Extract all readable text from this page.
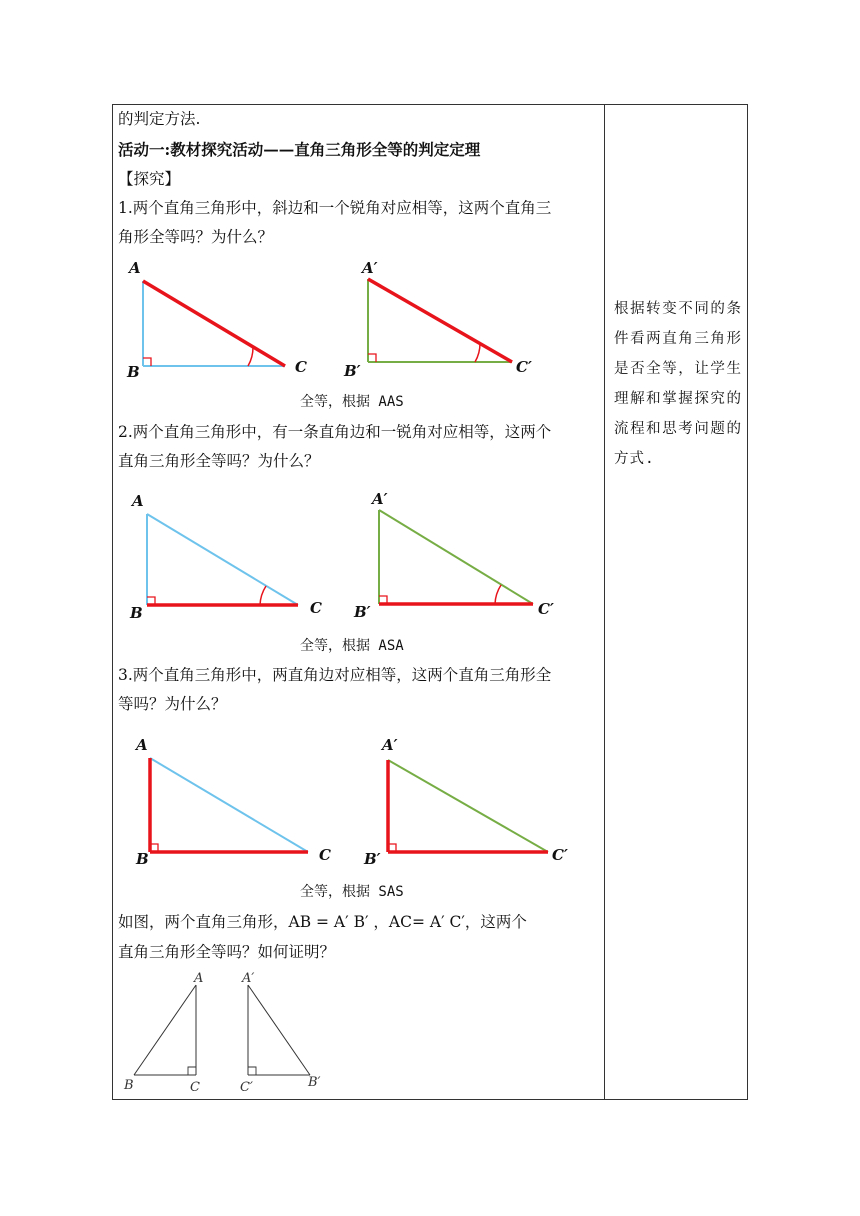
的判定方法.
活动一:教材探究活动——直角三角形全等的判定定理
【探究】
1.两个直角三角形中，斜边和一个锐角对应相等，这两个直角三
角形全等吗？为什么？
A
B	C
A′
B′	C′
全等，根据 AAS
2.两个直角三角形中，有一条直角边和一锐角对应相等，这两个
直角三角形全等吗？为什么？
A
B	C
A′
B′	C′
全等，根据 ASA
3.两个直角三角形中，两直角边对应相等，这两个直角三角形全
等吗？为什么？
A
B	C
A′
B′	C′
全等，根据 SAS
如图，两个直角三角形，AB = A′ B′ ，AC= A′ C′，这两个
直角三角形全等吗？如何证明？
A
B	C
A′
C′	B′
根据转变不同的条件看两直角三角形是否全等，让学生理解和掌握探究的流程和思考问题的方式.
